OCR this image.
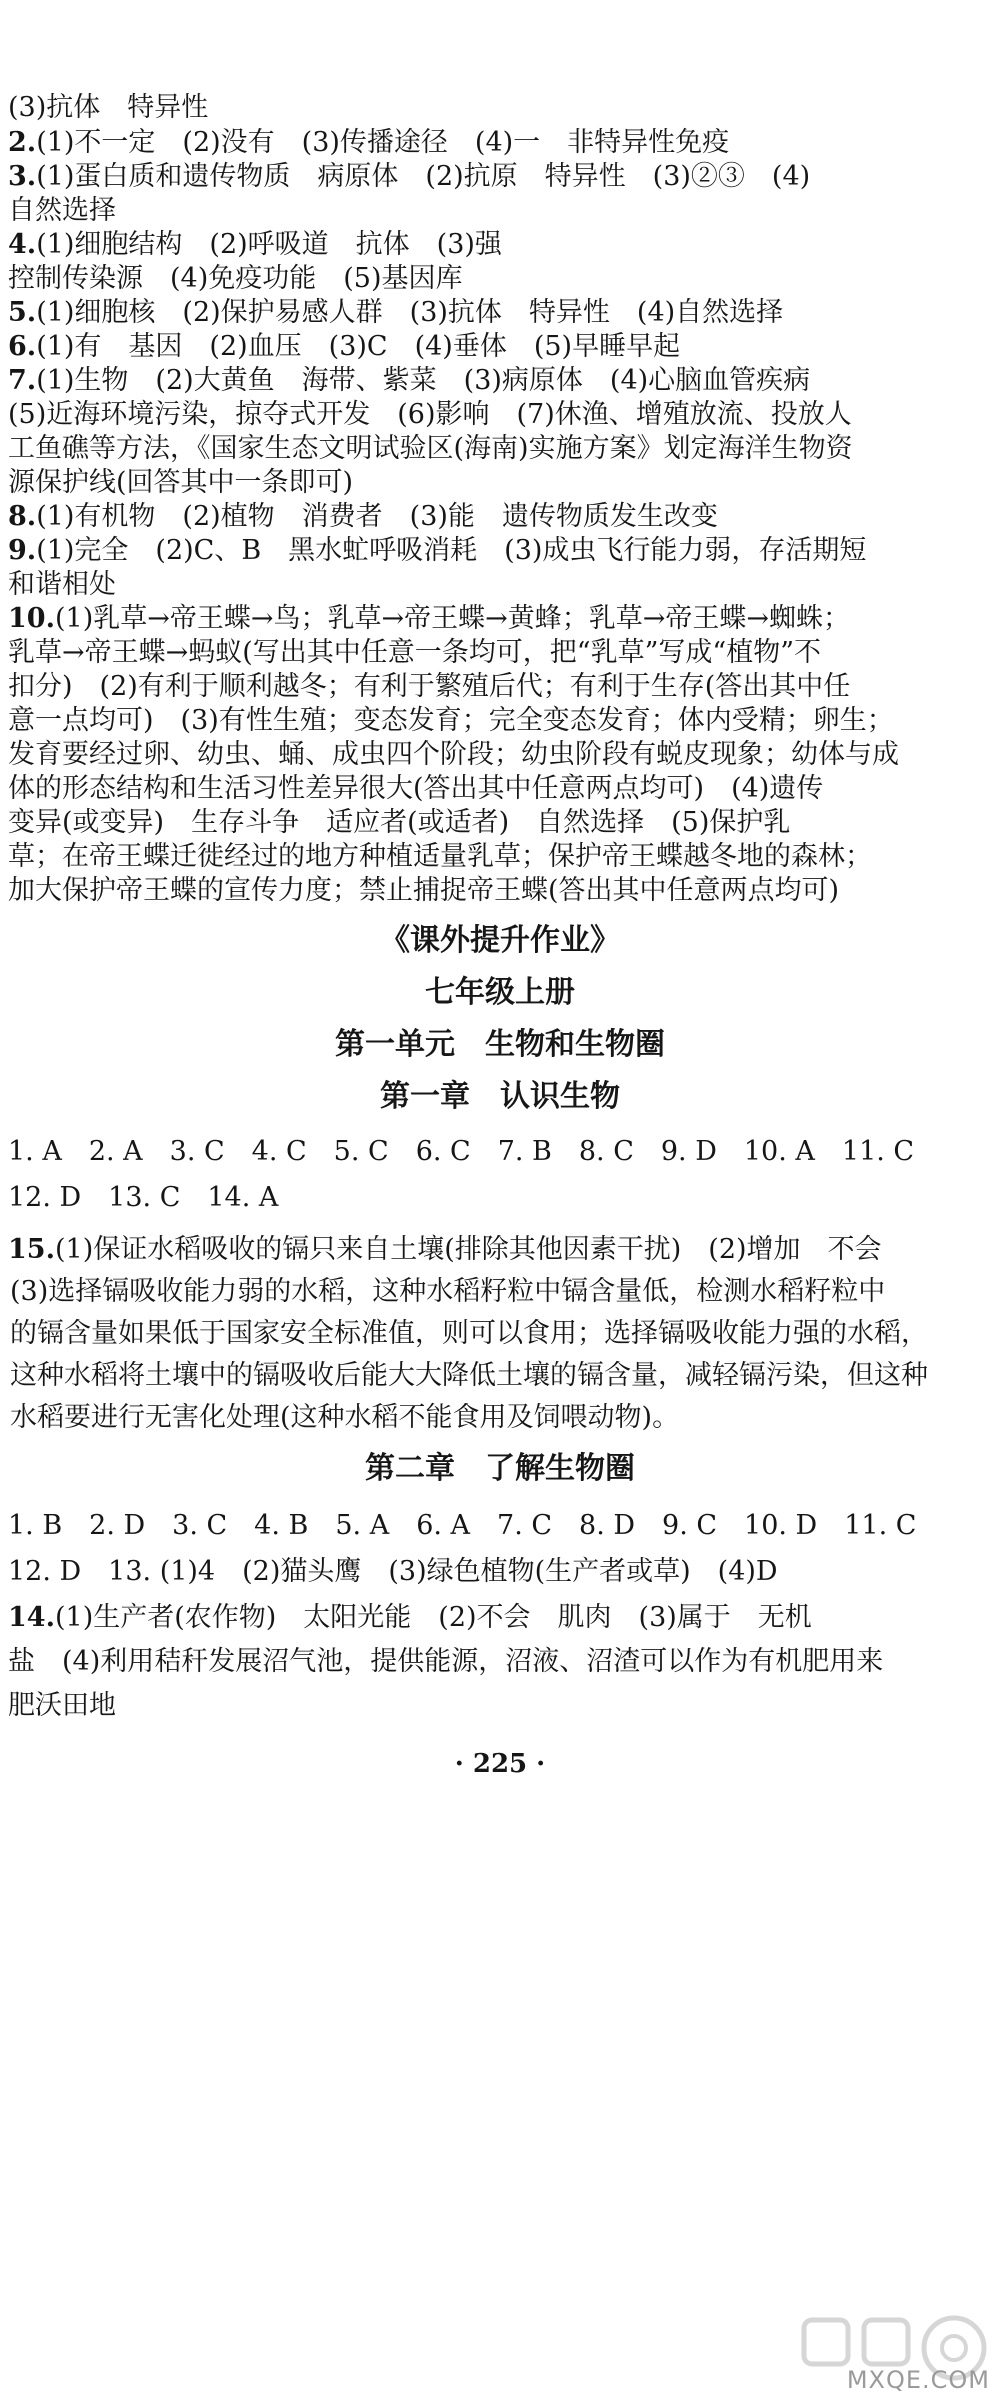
(3)抗体　特异性
2.(1)不一定　(2)没有　(3)传播途径　(4)一　非特异性免疫
3.(1)蛋白质和遗传物质　病原体　(2)抗原　特异性　(3)②③　(4)
自然选择
4.(1)细胞结构　(2)呼吸道　抗体　(3)强
控制传染源　(4)免疫功能　(5)基因库
5.(1)细胞核　(2)保护易感人群　(3)抗体　特异性　(4)自然选择
6.(1)有　基因　(2)血压　(3)C　(4)垂体　(5)早睡早起
7.(1)生物　(2)大黄鱼　海带、紫菜　(3)病原体　(4)心脑血管疾病
(5)近海环境污染，掠夺式开发　(6)影响　(7)休渔、增殖放流、投放人
工鱼礁等方法，《国家生态文明试验区(海南)实施方案》划定海洋生物资
源保护线(回答其中一条即可)
8.(1)有机物　(2)植物　消费者　(3)能　遗传物质发生改变
9.(1)完全　(2)C、B　黑水虻呼吸消耗　(3)成虫飞行能力弱，存活期短
和谐相处
10.(1)乳草→帝王蝶→鸟；乳草→帝王蝶→黄蜂；乳草→帝王蝶→蜘蛛；
乳草→帝王蝶→蚂蚁(写出其中任意一条均可，把“乳草”写成“植物”不
扣分)　(2)有利于顺利越冬；有利于繁殖后代；有利于生存(答出其中任
意一点均可)　(3)有性生殖；变态发育；完全变态发育；体内受精；卵生；
发育要经过卵、幼虫、蛹、成虫四个阶段；幼虫阶段有蜕皮现象；幼体与成
体的形态结构和生活习性差异很大(答出其中任意两点均可)　(4)遗传
变异(或变异)　生存斗争　适应者(或适者)　自然选择　(5)保护乳
草；在帝王蝶迁徙经过的地方种植适量乳草；保护帝王蝶越冬地的森林；
加大保护帝王蝶的宣传力度；禁止捕捉帝王蝶(答出其中任意两点均可)
《课外提升作业》
七年级上册
第一单元　生物和生物圈
第一章　认识生物
1. A　2. A　3. C　4. C　5. C　6. C　7. B　8. C　9. D　10. A　11. C
12. D　13. C　14. A
15.(1)保证水稻吸收的镉只来自土壤(排除其他因素干扰)　(2)增加　不会
(3)选择镉吸收能力弱的水稻，这种水稻籽粒中镉含量低，检测水稻籽粒中
的镉含量如果低于国家安全标准值，则可以食用；选择镉吸收能力强的水稻，
这种水稻将土壤中的镉吸收后能大大降低土壤的镉含量，减轻镉污染，但这种
水稻要进行无害化处理(这种水稻不能食用及饲喂动物)。
第二章　了解生物圈
1. B　2. D　3. C　4. B　5. A　6. A　7. C　8. D　9. C　10. D　11. C
12. D　13. (1)4　(2)猫头鹰　(3)绿色植物(生产者或草)　(4)D
14.(1)生产者(农作物)　太阳光能　(2)不会　肌肉　(3)属于　无机
盐　(4)利用秸秆发展沼气池，提供能源，沼液、沼渣可以作为有机肥用来
肥沃田地
· 225 ·
MXQE.COM
